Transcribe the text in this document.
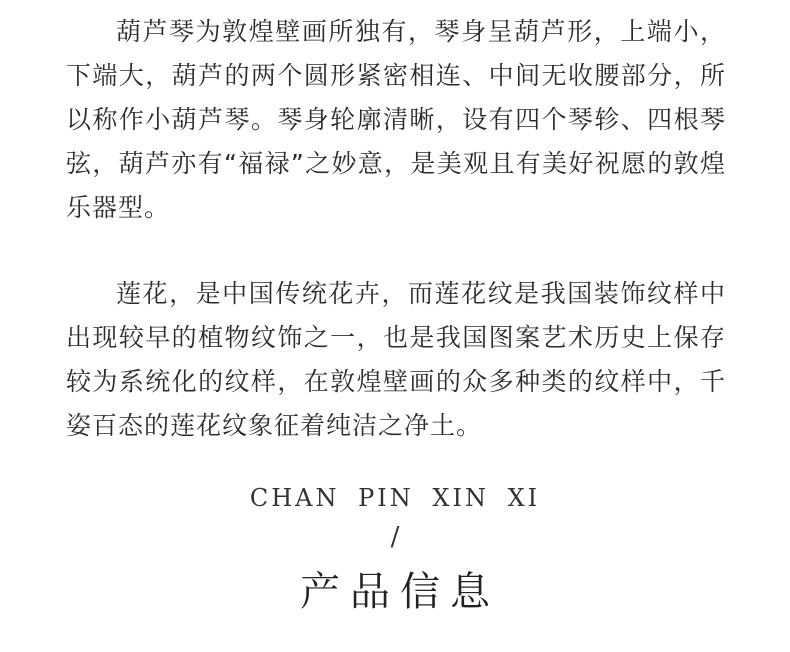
葫芦琴为敦煌壁画所独有，琴身呈葫芦形，上端小，下端大，葫芦的两个圆形紧密相连、中间无收腰部分，所以称作小葫芦琴。琴身轮廓清晰，设有四个琴轸、四根琴弦，葫芦亦有“福禄”之妙意，是美观且有美好祝愿的敦煌乐器型。

莲花，是中国传统花卉，而莲花纹是我国装饰纹样中出现较早的植物纹饰之一，也是我国图案艺术历史上保存较为系统化的纹样，在敦煌壁画的众多种类的纹样中，千姿百态的莲花纹象征着纯洁之净土。

CHAN PIN XIN XI
/
产品信息
